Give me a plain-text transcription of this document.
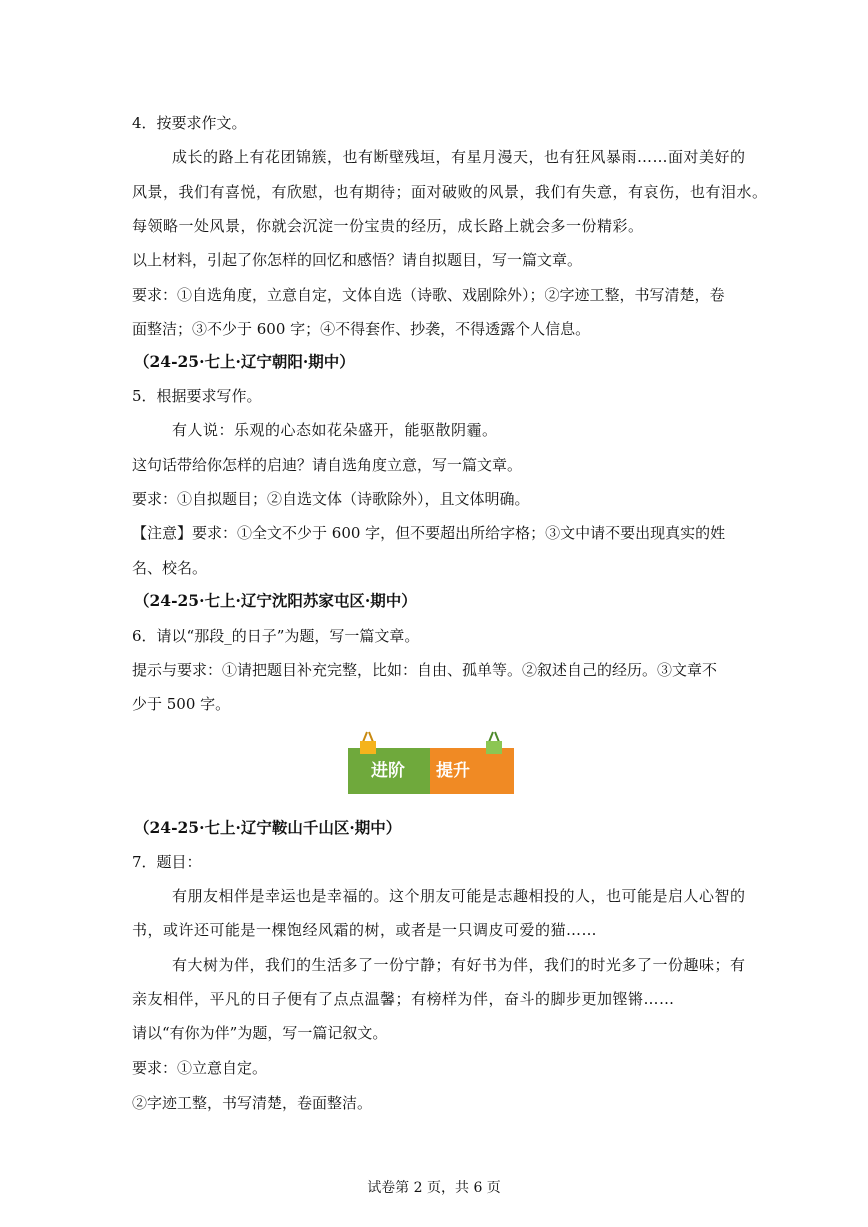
4．按要求作文。

成长的路上有花团锦簇，也有断壁残垣，有星月漫天，也有狂风暴雨……面对美好的

风景，我们有喜悦，有欣慰，也有期待；面对破败的风景，我们有失意，有哀伤，也有泪水。

每领略一处风景，你就会沉淀一份宝贵的经历，成长路上就会多一份精彩。

以上材料，引起了你怎样的回忆和感悟？请自拟题目，写一篇文章。

要求：①自选角度，立意自定，文体自选（诗歌、戏剧除外）；②字迹工整，书写清楚，卷

面整洁；③不少于 600 字；④不得套作、抄袭，不得透露个人信息。

（24-25·七上·辽宁朝阳·期中）

5．根据要求写作。

有人说：乐观的心态如花朵盛开，能驱散阴霾。

这句话带给你怎样的启迪？请自选角度立意，写一篇文章。

要求：①自拟题目；②自选文体（诗歌除外），且文体明确。

【注意】要求：①全文不少于 600 字，但不要超出所给字格；③文中请不要出现真实的姓

名、校名。

（24-25·七上·辽宁沈阳苏家屯区·期中）

6．请以“那段_的日子”为题，写一篇文章。

提示与要求：①请把题目补充完整，比如：自由、孤单等。②叙述自己的经历。③文章不

少于 500 字。

进阶 提升

（24-25·七上·辽宁鞍山千山区·期中）

7．题目：

有朋友相伴是幸运也是幸福的。这个朋友可能是志趣相投的人，也可能是启人心智的

书，或许还可能是一棵饱经风霜的树，或者是一只调皮可爱的猫……

有大树为伴，我们的生活多了一份宁静；有好书为伴，我们的时光多了一份趣味；有

亲友相伴，平凡的日子便有了点点温馨；有榜样为伴，奋斗的脚步更加铿锵……

请以“有你为伴”为题，写一篇记叙文。

要求：①立意自定。

②字迹工整，书写清楚，卷面整洁。

试卷第 2 页，共 6 页
